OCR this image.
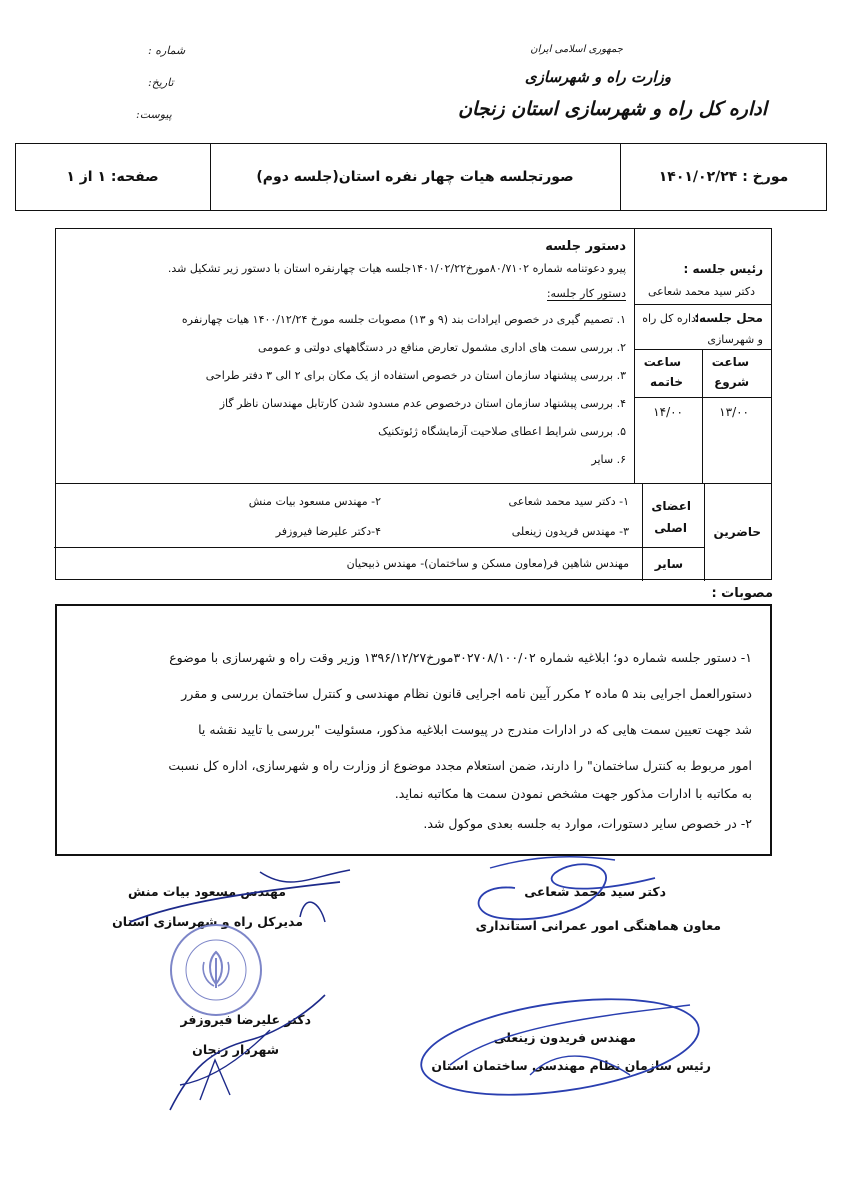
شماره :
تاریخ:
پیوست:
جمهوری اسلامی ایران
وزارت راه و شهرسازی
اداره کل راه و شهرسازی استان زنجان
مورخ : ۱۴۰۱/۰۲/۲۴
صورتجلسه هیات چهار نفره استان(جلسه دوم)
صفحه: ۱ از ۱
رئیس جلسه :
دکتر سید محمد شعاعی
محل جلسه:
اداره کل راه
و شهرسازی
ساعت
شروع
ساعت
خاتمه
۱۳/۰۰
۱۴/۰۰
دستور جلسه
پیرو دعوتنامه شماره ۸۰/۷۱۰۲مورخ۱۴۰۱/۰۲/۲۲جلسه هیات چهارنفره استان با دستور زیر تشکیل شد.
دستور کار جلسه:
۱. تصمیم گیری در خصوص ایرادات بند (۹ و ۱۳) مصوبات جلسه مورخ ۱۴۰۰/۱۲/۲۴ هیات چهارنفره
۲. بررسی سمت های اداری مشمول تعارض منافع در دستگاههای دولتی و عمومی
۳. بررسی پیشنهاد سازمان استان در خصوص استفاده از یک مکان برای ۲ الی ۳ دفتر طراحی
۴. بررسی پیشنهاد سازمان استان درخصوص عدم مسدود شدن کارتابل مهندسان ناظر گاز
۵. بررسی شرایط اعطای صلاحیت آزمایشگاه ژئوتکنیک
۶. سایر
حاضرین
اعضای
اصلی
سایر
۱- دکتر سید محمد شعاعی
۲- مهندس مسعود بیات منش
۳- مهندس فریدون زینعلی
۴-دکتر علیرضا فیروزفر
مهندس شاهین فر(معاون مسکن و ساختمان)- مهندس ذبیحیان
مصوبات :
۱- دستور جلسه شماره دو؛ ابلاغیه شماره ۳۰۲۷۰۸/۱۰۰/۰۲مورخ۱۳۹۶/۱۲/۲۷ وزیر وقت راه و شهرسازی با موضوع
دستورالعمل اجرایی بند ۵ ماده ۲ مکرر آیین نامه اجرایی قانون نظام مهندسی و کنترل ساختمان بررسی و مقرر
شد جهت تعیین سمت هایی که در ادارات مندرج در پیوست ابلاغیه مذکور، مسئولیت "بررسی یا تایید نقشه یا
امور مربوط به کنترل ساختمان" را دارند، ضمن استعلام مجدد موضوع از وزارت راه و شهرسازی، اداره کل نسبت
به مکاتبه با ادارات مذکور جهت مشخص نمودن سمت ها مکاتبه نماید.
۲- در خصوص سایر دستورات، موارد به جلسه بعدی موکول شد.
دکتر سید محمد شعاعی
معاون هماهنگی امور عمرانی استانداری
مهندس مسعود بیات منش
مدیرکل راه و شهرسازی استان
دکتر علیرضا فیروزفر
شهردار زنجان
مهندس فریدون زینعلی
رئیس سازمان نظام مهندسی ساختمان استان
